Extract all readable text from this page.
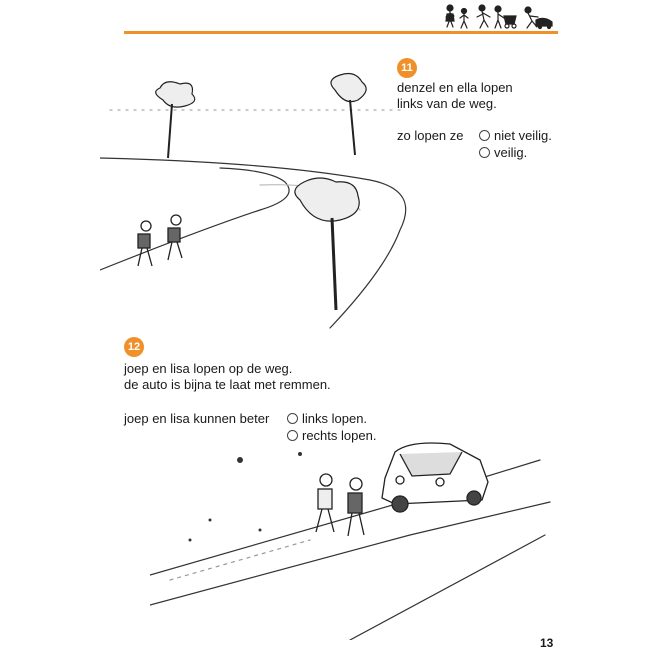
11
denzel en ella lopen
links van de weg.
zo lopen ze	niet veilig.
veilig.
12
joep en lisa lopen op de weg.
de auto is bijna te laat met remmen.
joep en lisa kunnen beter	links lopen.
rechts lopen.
13
